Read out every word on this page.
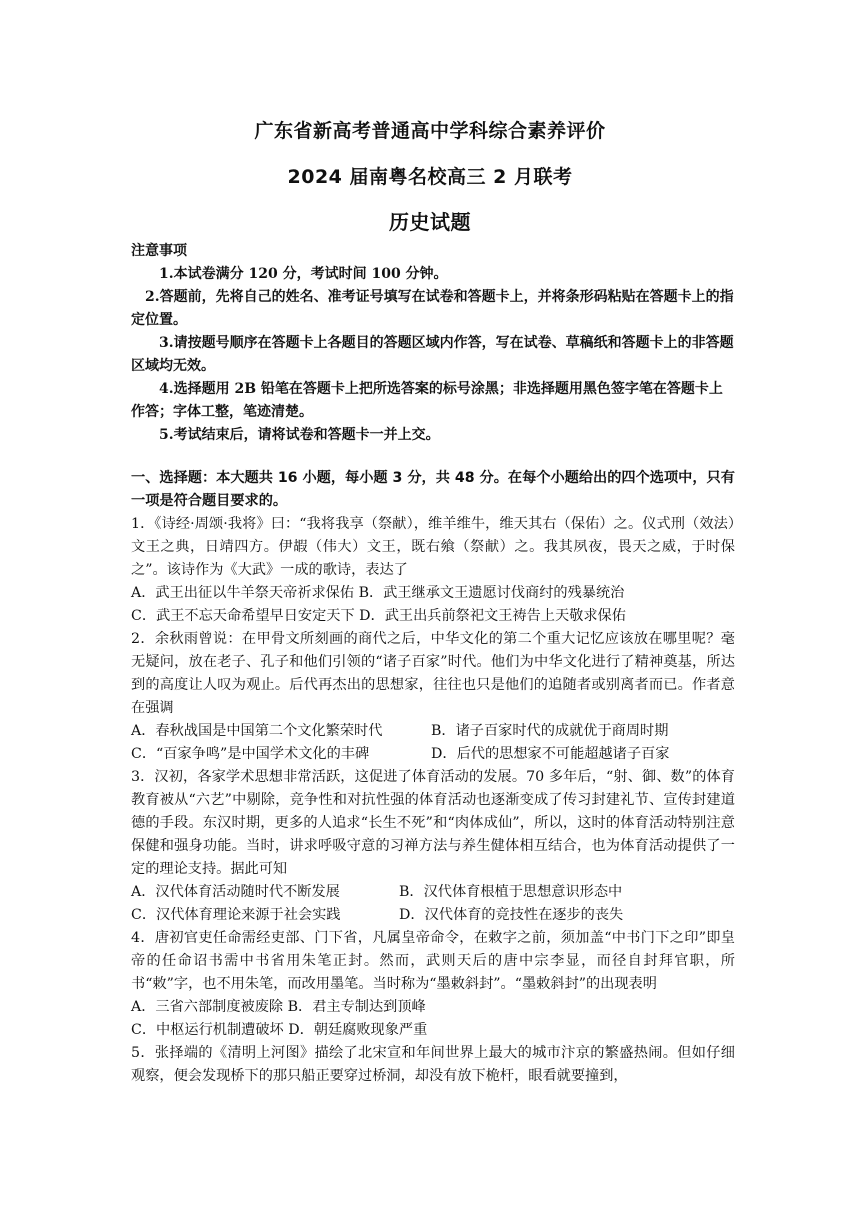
广东省新高考普通高中学科综合素养评价
2024 届南粤名校高三 2 月联考
历史试题
注意事项
1.本试卷满分 120 分，考试时间 100 分钟。
2.答题前，先将自己的姓名、准考证号填写在试卷和答题卡上，并将条形码粘贴在答题卡上的指定位置。
3.请按题号顺序在答题卡上各题目的答题区域内作答，写在试卷、草稿纸和答题卡上的非答题区域均无效。
4.选择题用 2B 铅笔在答题卡上把所选答案的标号涂黑；非选择题用黑色签字笔在答题卡上作答；字体工整，笔迹清楚。
5.考试结束后，请将试卷和答题卡一并上交。
一、选择题：本大题共 16 小题，每小题 3 分，共 48 分。在每个小题给出的四个选项中，只有一项是符合题目要求的。
1．《诗经·周颂·我将》曰：“我将我享（祭献），维羊维牛，维天其右（保佑）之。仪式刑（效法）文王之典，日靖四方。伊嘏（伟大）文王，既右飨（祭献）之。我其夙夜，畏天之威，于时保之”。该诗作为《大武》一成的歌诗，表达了
A．武王出征以牛羊祭天帝祈求保佑 B．武王继承文王遗愿讨伐商纣的残暴统治
C．武王不忘天命希望早日安定天下 D．武王出兵前祭祀文王祷告上天敬求保佑
2．余秋雨曾说：在甲骨文所刻画的商代之后，中华文化的第二个重大记忆应该放在哪里呢？毫无疑问，放在老子、孔子和他们引领的“诸子百家”时代。他们为中华文化进行了精神奠基，所达到的高度让人叹为观止。后代再杰出的思想家，往往也只是他们的追随者或别离者而已。作者意在强调
A．春秋战国是中国第二个文化繁荣时代	B．诸子百家时代的成就优于商周时期
C．“百家争鸣”是中国学术文化的丰碑	D．后代的思想家不可能超越诸子百家
3．汉初，各家学术思想非常活跃，这促进了体育活动的发展。70 多年后，“射、御、数”的体育教育被从“六艺”中剔除，竞争性和对抗性强的体育活动也逐渐变成了传习封建礼节、宣传封建道德的手段。东汉时期，更多的人追求“长生不死”和“肉体成仙”，所以，这时的体育活动特别注意保健和强身功能。当时，讲求呼吸守意的习禅方法与养生健体相互结合，也为体育活动提供了一定的理论支持。据此可知
A．汉代体育活动随时代不断发展	B．汉代体育根植于思想意识形态中
C．汉代体育理论来源于社会实践	D．汉代体育的竞技性在逐步的丧失
4．唐初官吏任命需经吏部、门下省，凡属皇帝命令，在敕字之前，须加盖“中书门下之印”即皇帝的任命诏书需中书省用朱笔正封。然而，武则天后的唐中宗李显，而径自封拜官职，所书“敕”字，也不用朱笔，而改用墨笔。当时称为“墨敕斜封”。“墨敕斜封”的出现表明
A．三省六部制度被废除 B．君主专制达到顶峰
C．中枢运行机制遭破坏 D．朝廷腐败现象严重
5．张择端的《清明上河图》描绘了北宋宣和年间世界上最大的城市汴京的繁盛热闹。但如仔细观察，便会发现桥下的那只船正要穿过桥洞，却没有放下桅杆，眼看就要撞到，
